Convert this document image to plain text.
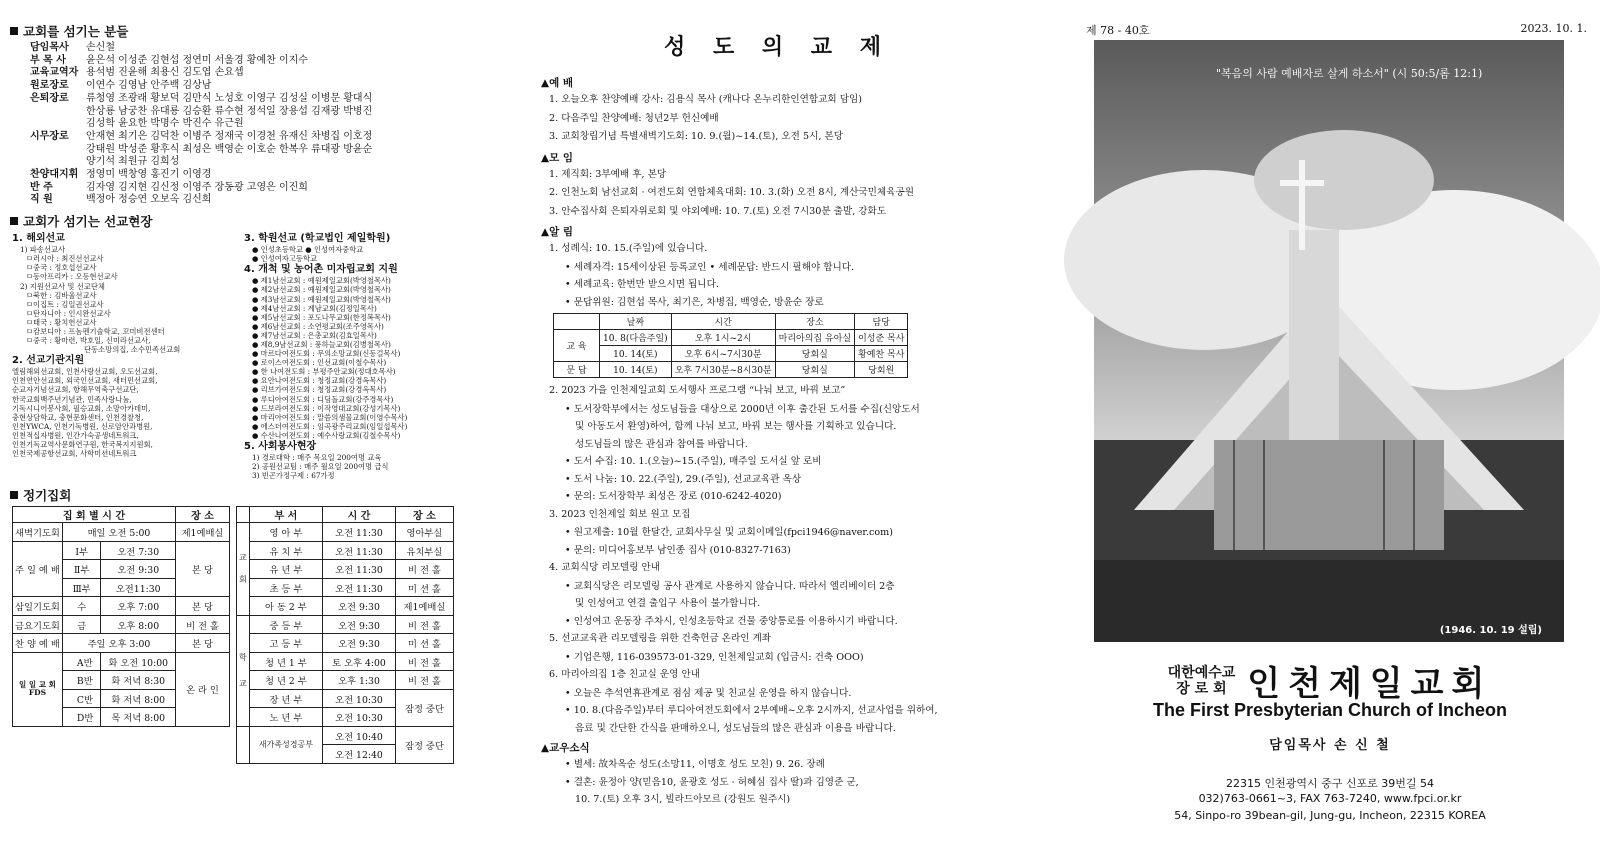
교회를 섬기는 분들
담임목사	손신철
부 목 사	윤은석 이성준 김현섭 정연미 서울경 황예찬 이지수
교육교역자 용석범 진윤해 최용신 김도엽 손요셉
원로장로	이연수 김영남 안주백 김상남
은퇴장로	류청영 조광래 황보덕 김만식 노성호 이영구 김성실 이병문 황대식
한상룡 남궁찬 유대룡 김승환 류수현 정석일 장용섭 김재광 박병진
김성학 윤요한 박명수 박진수 유근원
시무장로	안재현 최기은 김덕찬 이병주 정재국 이경천 유재신 차병집 이호정
강태원 박성준 황후식 최성은 백영순 이호순 한복우 류대광 방윤순
양기석 최원규 김희성
찬양대지휘 정영미 백창영 홍진기 이영경
반 주	김자영 김지현 김신정 이영주 장동광 고영은 이진희
직 원	백정아 정승연 오보옥 김신희
교회가 섬기는 선교현장
1. 해외선교
1) 파송선교사
ㅁ러시아 : 최진선선교사
ㅁ중국 : 정호섭선교사
ㅁ동아프리카 : 오동현선교사
2) 지원선교사 및 선교단체
ㅁ북한 : 김바울선교사
ㅁ이집트 : 김일권선교사
ㅁ탄자니아 : 인시완선교사
ㅁ태국 : 황치헌선교사
ㅁ캄보디아 : 프놈펜기술학교, 꼬미비전센터
ㅁ중국 : 황마련, 박호일, 신미라선교사,
단동소망의집, 소수민족선교회
2. 선교기관지원
엘림해외선교회, 인천사랑선교회, 오도선교회,
인천연안선교회, 외국인선교회, 새터민선교회,
순교자기념선교회, 항해무역축구선교단,
한국교회백주년기념관, 민족사랑나눔,
기독시니어봉사회, 필승교회, 소망아카데미,
충현상담학교, 충현문화센터, 인천경찰청,
인천YWCA, 인천기독병원, 신로암안과병원,
인천적십자병원, 인간가숙공생네트워크,
인천기독교역사문화연구원, 한국복지지원회,
인천국제공항선교회, 사학미션네트워크
3. 학원선교 (학교법인 제일학원)
● 인성초등학교 ● 인성여자중학교
● 인성여자고등학교
4. 개척 및 농어촌 미자립교회 지원
● 제1남선교회 : 예원제일교회(박영철목사)
● 제2남선교회 : 예원제일교회(박영철목사)
● 제3남선교회 : 예원제일교회(박영철목사)
● 제4남선교회 : 계남교회(김정일목사)
● 제5남선교회 : 포도나무교회(한정복목사)
● 제6남선교회 : 소연평교회(조주영목사)
● 제7남선교회 : 은총교회(김효일목사)
● 제8,9남선교회 : 풍하늘교회(김병철목사)
● 마르다여전도회 : 무의소망교회(신동걸목사)
● 로이스여전도회 : 인선교회(이철수목사)
● 한 나여전도회 : 부평주안교회(정대호목사)
● 요안나여전도회 : 청정교회(강경옥목사)
● 리브가여전도회 : 청정교회(강경옥목사)
● 루디아여전도회 : 디딤돌교회(강주경목사)
● 드보라여전도회 : 이작영대교회(강성기목사)
● 마리아여전도회 : 말씀의샘물교회(이영수목사)
● 에스더여전도회 : 임곡광주리교회(임일섭목사)
● 수산나여전도회 : 예수사랑교회(김철수목사)
5. 사회봉사현장
1) 경로대학 : 매주 목요일 200여명 교육
2) 공원선교팀 : 매주 월요일 200여명 급식
3) 빈곤가정구제 : 67가정
정기집회
집 회 별 시 간			장 소
새벽기도회	매일 오전 5:00		제1예배실
주 일 예 배	Ⅰ부	오전 7:30	본 당
	Ⅱ부	오전 9:30	
	Ⅲ부	오전11:30	
삼일기도회	수	오후 7:00	본 당
금요기도회	금	오후 8:00	비 전 홀
찬 양 예 배	주일 오후 3:00		본 당
일 일 교 회 FDS	A반	화 오전 10:00	온 라 인
	B반	화 저녁 8:30	
	C반	화 저녁 8:00	
	D반	목 저녁 8:00	
	부 서	시 간	장 소
교회	영 아 부	오전 11:30	영아부실
	유 치 부	오전 11:30	유치부실
	유 년 부	오전 11:30	비 전 홀
	초 등 부	오전 11:30	미 션 홀
	아 동 2 부	오전 9:30	제1예배실
학교	중 등 부	오전 9:30	비 전 홀
	고 등 부	오전 9:30	미 션 홀
	청 년 1 부	토 오후 4:00	비 전 홀
	청 년 2 부	오후 1:30	비 전 홀
	장 년 부	오전 10:30	잠정 중단
	노 년 부	오전 10:30	
	새가족성경공부	오전 10:40	잠정 중단
		오전 12:40	
성 도 의 교 제
▲예 배
1. 오늘오후 찬양예배 강사: 김용식 목사 (캐나다 온누리한인연합교회 담임)
2. 다음주일 찬양예배: 청년2부 헌신예배
3. 교회창립기념 특별새벽기도회: 10. 9.(월)~14.(토), 오전 5시, 본당
▲모 임
1. 제직회: 3부예배 후, 본당
2. 인천노회 남선교회 · 여전도회 연합체육대회: 10. 3.(화) 오전 8시, 계산국민체육공원
3. 안수집사회 은퇴자위로회 및 야외예배: 10. 7.(토) 오전 7시30분 출발, 강화도
▲알 림
1. 성례식: 10. 15.(주일)에 있습니다.
• 세례자격: 15세이상된 등록교인 • 세례문답: 반드시 필해야 합니다.
• 세례교육: 한번만 받으시면 됩니다.
• 문답위원: 김현섭 목사, 최기은, 차병집, 백영순, 방윤순 장로
	날짜	시간	장소	담당
교 육	10. 8(다음주일)	오후 1시~2시	마리아의집 유아실	이성준 목사
	10. 14(토)	오후 6시~7시30분	당회실	황예찬 목사
문 답	10. 14(토)	오후 7시30분~8시30분	당회실	당회원
2. 2023 가을 인천제일교회 도서행사 프로그램 “나눠 보고, 바꿔 보고”
• 도서장학부에서는 성도님들을 대상으로 2000년 이후 출간된 도서를 수집(신앙도서
및 아동도서 환영)하여, 함께 나눠 보고, 바꿔 보는 행사를 기획하고 있습니다.
성도님들의 많은 관심과 참여를 바랍니다.
• 도서 수집: 10. 1.(오늘)~15.(주일), 매주일 도서실 앞 로비
• 도서 나눔: 10. 22.(주일), 29.(주일), 선교교육관 옥상
• 문의: 도서장학부 최성은 장로 (010-6242-4020)
3. 2023 인천제일 회보 원고 모집
• 원고제출: 10월 한달간, 교회사무실 및 교회이메일(fpci1946@naver.com)
• 문의: 미디어홍보부 남인종 집사 (010-8327-7163)
4. 교회식당 리모델링 안내
• 교회식당은 리모델링 공사 관계로 사용하지 않습니다. 따라서 엘리베이터 2층
및 인성여고 연결 출입구 사용이 불가합니다.
• 인성여고 운동장 주차시, 인성초등학교 건물 중앙통로를 이용하시기 바랍니다.
5. 선교교육관 리모델링을 위한 건축헌금 온라인 계좌
• 기업은행, 116-039573-01-329, 인천제일교회 (입금시: 건축 OOO)
6. 마리아의집 1층 친교실 운영 안내
• 오늘은 추석연휴관계로 점심 제공 및 친교실 운영을 하지 않습니다.
• 10. 8.(다음주일)부터 루디아여전도회에서 2부예배~오후 2시까지, 선교사업을 위하여,
음료 및 간단한 간식을 판매하오니, 성도님들의 많은 관심과 이용을 바랍니다.
▲교우소식
• 별세: 故차옥순 성도(소망11, 이명호 성도 모친) 9. 26. 장례
• 결혼: 윤정아 양(믿음10, 윤광호 성도 · 허혜심 집사 딸)과 김영준 군,
10. 7.(토) 오후 3시, 빌라드아모르 (강원도 원주시)
제 78 - 40호	2023. 10. 1.
"복음의 사람 예배자로 살게 하소서" (시 50:5/롬 12:1)
(1946. 10. 19 설립)
대한예수교
장 로 회 인천제일교회
The First Presbyterian Church of Incheon
담임목사 손 신 철
22315 인천광역시 중구 신포로 39번길 54
032)763-0661~3, FAX 763-7240, www.fpci.or.kr
54, Sinpo-ro 39bean-gil, Jung-gu, Incheon, 22315 KOREA
